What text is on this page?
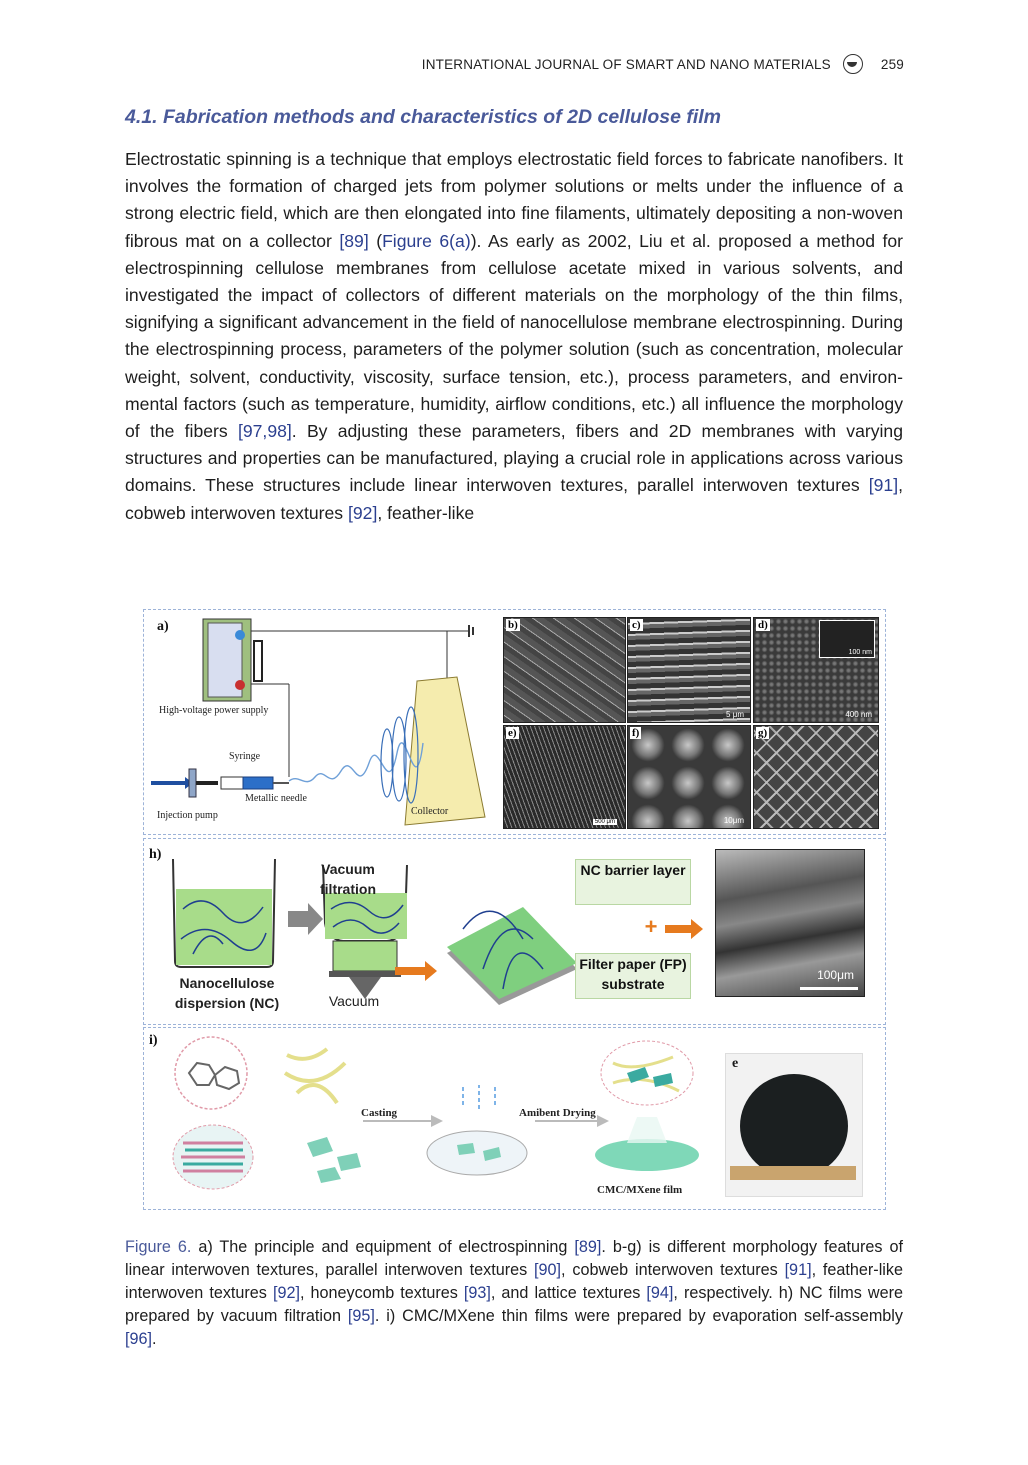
INTERNATIONAL JOURNAL OF SMART AND NANO MATERIALS	259
4.1. Fabrication methods and characteristics of 2D cellulose film

Electrostatic spinning is a technique that employs electrostatic field forces to fabricate nanofibers. It involves the formation of charged jets from polymer solutions or melts under the influence of a strong electric field, which are then elongated into fine filaments, ultimately depositing a non-woven fibrous mat on a collector [89] (Figure 6(a)). As early as 2002, Liu et al. proposed a method for electrospinning cellulose membranes from cellulose acetate mixed in various solvents, and investigated the impact of collectors of different materials on the morphology of the thin films, signifying a significant advancement in the field of nanocellulose membrane electrospinning. During the electrospinning process, parameters of the polymer solution (such as concentration, molecular weight, solvent, conductivity, viscosity, surface tension, etc.), process parameters, and environmental factors (such as temperature, humidity, airflow conditions, etc.) all influence the morphology of the fibers [97,98]. By adjusting these parameters, fibers and 2D membranes with varying structures and properties can be manufactured, playing a crucial role in applications across various domains. These structures include linear interwoven textures, parallel interwoven textures [91], cobweb interwoven textures [92], feather-like

a)
High-voltage power supply
Syringe
Metallic needle
Injection pump	Collector
b)	c)
5 μm
d)
100 nm
400 nm
e)
500 μm
f)
10μm
g)
h)
Vacuum filtration
Nanocellulose dispersion (NC)	Vacuum
NC barrier layer
+
Filter paper (FP) substrate
100μm
i)
Casting	Amibent Drying
CMC/MXene film
e

Figure 6. a) The principle and equipment of electrospinning [89]. b-g) is different morphology features of linear interwoven textures, parallel interwoven textures [90], cobweb interwoven textures [91], feather-like interwoven textures [92], honeycomb textures [93], and lattice textures [94], respectively. h) NC films were prepared by vacuum filtration [95]. i) CMC/MXene thin films were prepared by evaporation self-assembly [96].
